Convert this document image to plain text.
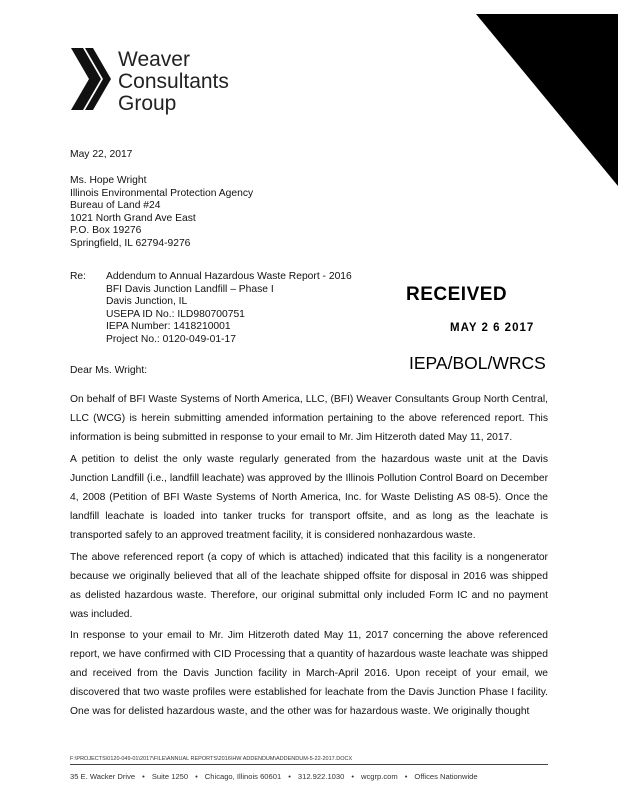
Weaver
Consultants
Group
May 22, 2017
Ms. Hope Wright
Illinois Environmental Protection Agency
Bureau of Land #24
1021 North Grand Ave East
P.O. Box 19276
Springfield, IL 62794-9276
Re: Addendum to Annual Hazardous Waste Report - 2016
BFI Davis Junction Landfill – Phase I
Davis Junction, IL
USEPA ID No.: ILD980700751
IEPA Number: 1418210001
Project No.: 0120-049-01-17
RECEIVED
MAY 2 6 2017
IEPA/BOL/WRCS
Dear Ms. Wright:

On behalf of BFI Waste Systems of North America, LLC, (BFI) Weaver Consultants Group North Central, LLC (WCG) is herein submitting amended information pertaining to the above referenced report. This information is being submitted in response to your email to Mr. Jim Hitzeroth dated May 11, 2017.

A petition to delist the only waste regularly generated from the hazardous waste unit at the Davis Junction Landfill (i.e., landfill leachate) was approved by the Illinois Pollution Control Board on December 4, 2008 (Petition of BFI Waste Systems of North America, Inc. for Waste Delisting AS 08-5). Once the landfill leachate is loaded into tanker trucks for transport offsite, and as long as the leachate is transported safely to an approved treatment facility, it is considered nonhazardous waste.

The above referenced report (a copy of which is attached) indicated that this facility is a nongenerator because we originally believed that all of the leachate shipped offsite for disposal in 2016 was shipped as delisted hazardous waste. Therefore, our original submittal only included Form IC and no payment was included.

In response to your email to Mr. Jim Hitzeroth dated May 11, 2017 concerning the above referenced report, we have confirmed with CID Processing that a quantity of hazardous waste leachate was shipped and received from the Davis Junction facility in March-April 2016. Upon receipt of your email, we discovered that two waste profiles were established for leachate from the Davis Junction Phase I facility. One was for delisted hazardous waste, and the other was for hazardous waste. We originally thought

F:\PROJECTS\0120-049-01\2017\FILE\ANNUAL REPORTS\2016\HW ADDENDUM\ADDENDUM-5-22-2017.DOCX
35 E. Wacker Drive • Suite 1250 • Chicago, Illinois 60601 • 312.922.1030 • wcgrp.com • Offices Nationwide
